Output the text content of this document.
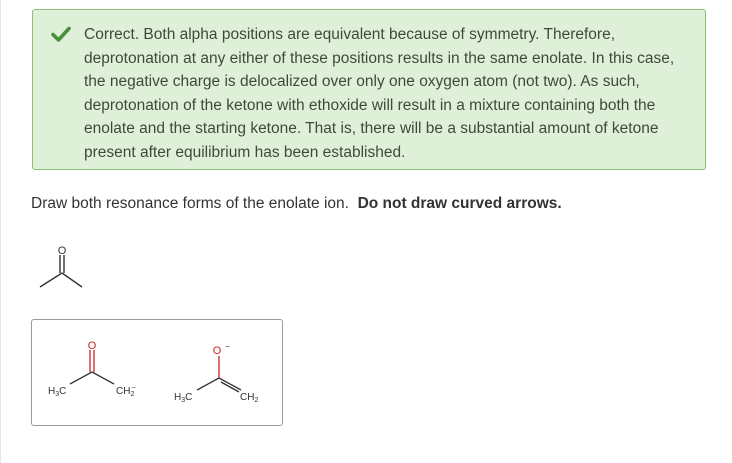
Correct. Both alpha positions are equivalent because of symmetry. Therefore, deprotonation at any either of these positions results in the same enolate. In this case, the negative charge is delocalized over only one oxygen atom (not two). As such, deprotonation of the ketone with ethoxide will result in a mixture containing both the enolate and the starting ketone. That is, there will be a substantial amount of ketone present after equilibrium has been established.
Draw both resonance forms of the enolate ion. Do not draw curved arrows.
O
O
$H_3C$	$CH_2-$
O −
$H_3C$	$CH_2$
